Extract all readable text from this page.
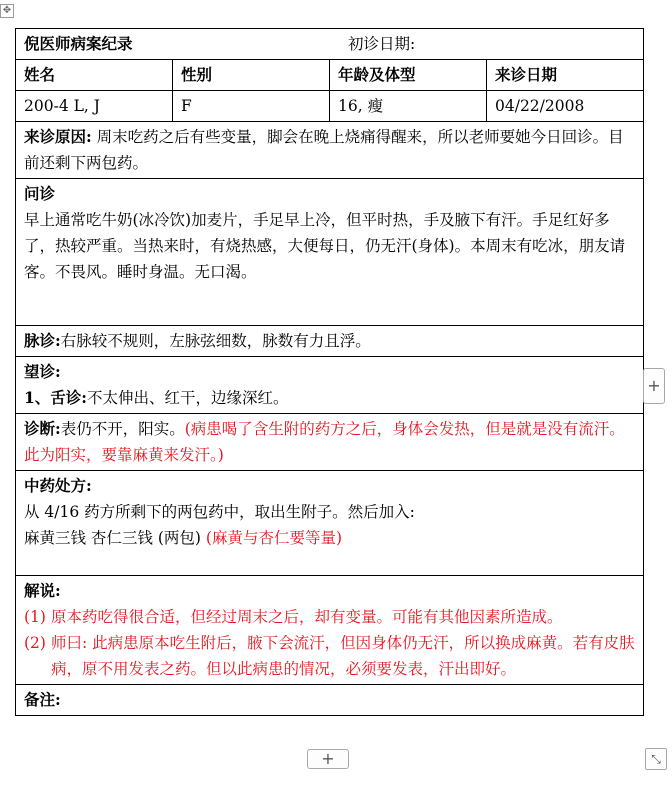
✥
倪医师病案纪录 初诊日期:			

姓名	性别	年龄及体型	来诊日期
200-4 L, J	F	16, 瘦	04/22/2008
来诊原因: 周末吃药之后有些变量，脚会在晚上烧痛得醒来，所以老师要她今日回诊。目前还剩下两包药。			

问诊
早上通常吃牛奶(冰冷饮)加麦片，手足早上冷，但平时热，手及腋下有汗。手足红好多了，热较严重。当热来时，有烧热感，大便每日，仍无汗(身体)。本周末有吃冰，朋友请客。不畏风。睡时身温。无口渴。			

脉诊:右脉较不规则，左脉弦细数，脉数有力且浮。			

望诊:
1、舌诊:不太伸出、红干，边缘深红。			

诊断:表仍不开，阳实。(病患喝了含生附的药方之后，身体会发热，但是就是没有流汗。此为阳实，要靠麻黄来发汗。)			

中药处方:
从 4/16 药方所剩下的两包药中，取出生附子。然后加入:
麻黄三钱 杏仁三钱 (两包) (麻黄与杏仁要等量)			

解说:
(1) 原本药吃得很合适，但经过周末之后，却有变量。可能有其他因素所造成。
(2) 师曰: 此病患原本吃生附后，腋下会流汗，但因身体仍无汗，所以换成麻黄。若有皮肤病，原不用发表之药。但以此病患的情况，必须要发表，汗出即好。			

备注:			
+
+	⤡
